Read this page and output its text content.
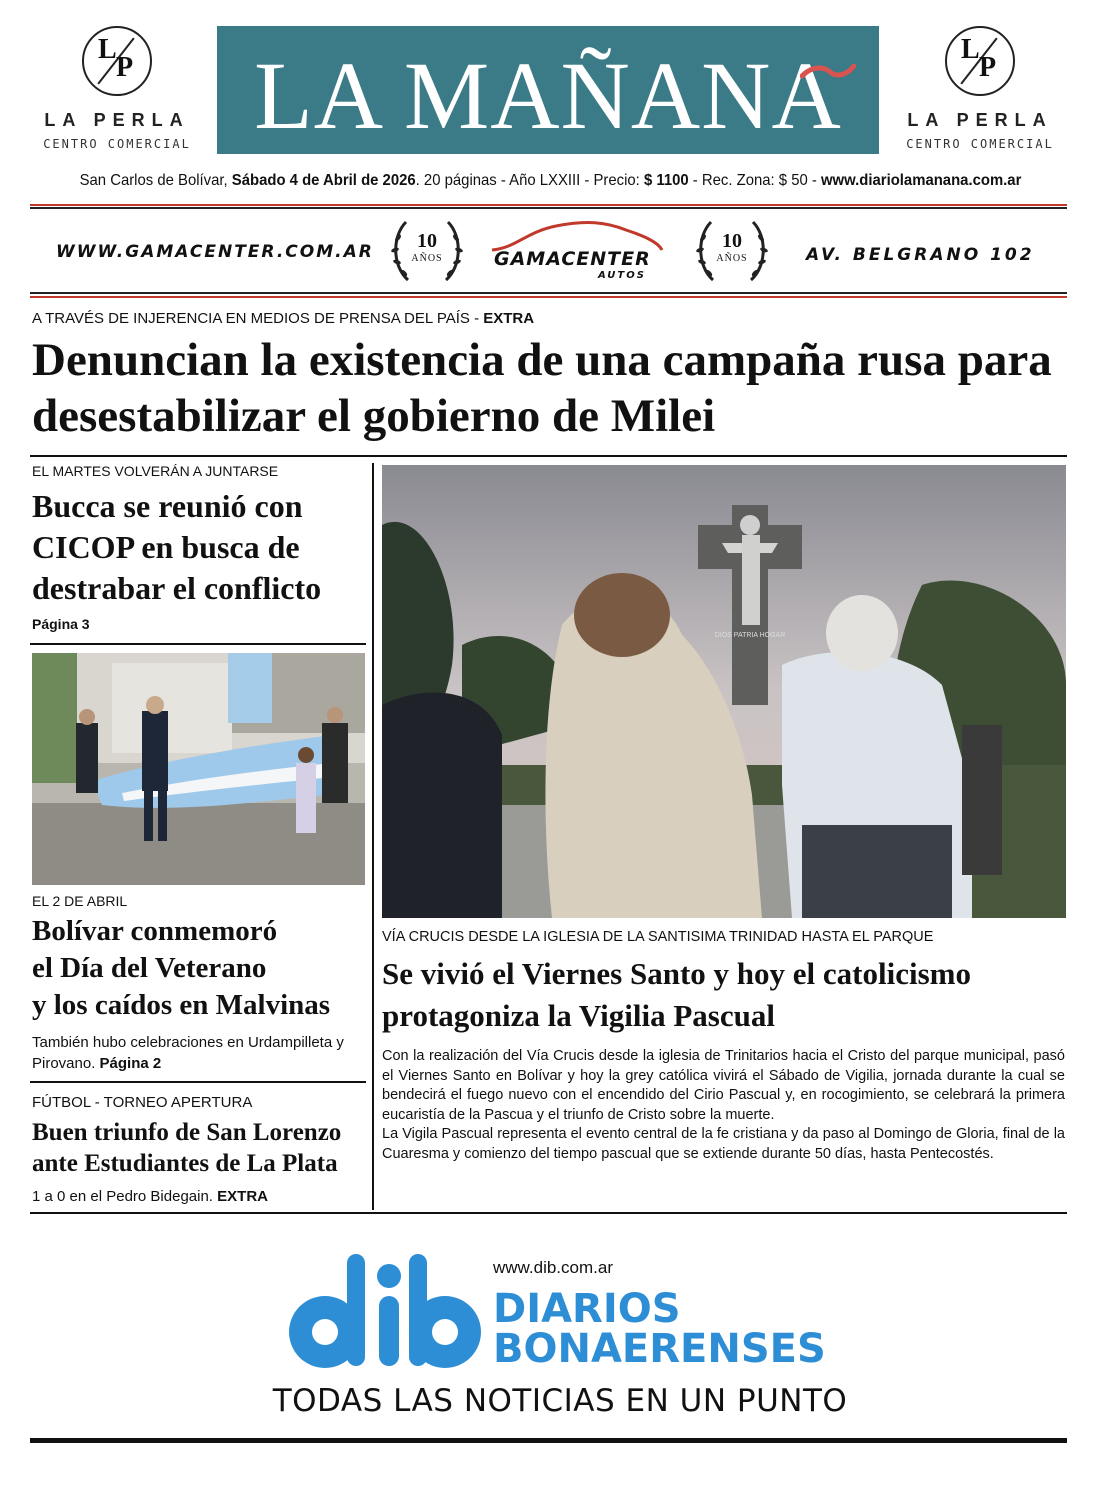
L
P
LA PERLA
CENTRO COMERCIAL LA MAÑANA	L
P
LA PERLA
CENTRO COMERCIAL
San Carlos de Bolívar, Sábado 4 de Abril de 2026. 20 páginas - Año LXXIII - Precio: $ 1100 - Rec. Zona: $ 50 - www.diariolamanana.com.ar
WWW.GAMACENTER.COM.AR	10
AÑOS	GAMACENTER
AUTOS
10
AÑOS	AV. BELGRANO 102
A TRAVÉS DE INJERENCIA EN MEDIOS DE PRENSA DEL PAÍS - EXTRA
Denuncian la existencia de una campaña rusa para desestabilizar el gobierno de Milei
EL MARTES VOLVERÁN A JUNTARSE
Bucca se reunió con CICOP en busca de destrabar el conflicto
Página 3
EL 2 DE ABRIL
Bolívar conmemoró
el Día del Veterano
y los caídos en Malvinas
También hubo celebraciones en Urdampilleta y Pirovano. Página 2
FÚTBOL - TORNEO APERTURA
Buen triunfo de San Lorenzo ante Estudiantes de La Plata
1 a 0 en el Pedro Bidegain. EXTRA
DIOS PATRIA HOGAR
VÍA CRUCIS DESDE LA IGLESIA DE LA SANTISIMA TRINIDAD HASTA EL PARQUE
Se vivió el Viernes Santo y hoy el catolicismo protagoniza la Vigilia Pascual
Con la realización del Vía Crucis desde la iglesia de Trinitarios hacia el Cristo del parque municipal, pasó el Viernes Santo en Bolívar y hoy la grey católica vivirá el Sábado de Vigilia, jornada durante la cual se bendecirá el fuego nuevo con el encendido del Cirio Pascual y, en rocogimiento, se celebrará la primera eucaristía de la Pascua y el triunfo de Cristo sobre la muerte.
La Vigila Pascual representa el evento central de la fe cristiana y da paso al Domingo de Gloria, final de la Cuaresma y comienzo del tiempo pascual que se extiende durante 50 días, hasta Pentecostés.
www.dib.com.ar
DIARIOS
BONAERENSES
TODAS LAS NOTICIAS EN UN PUNTO
